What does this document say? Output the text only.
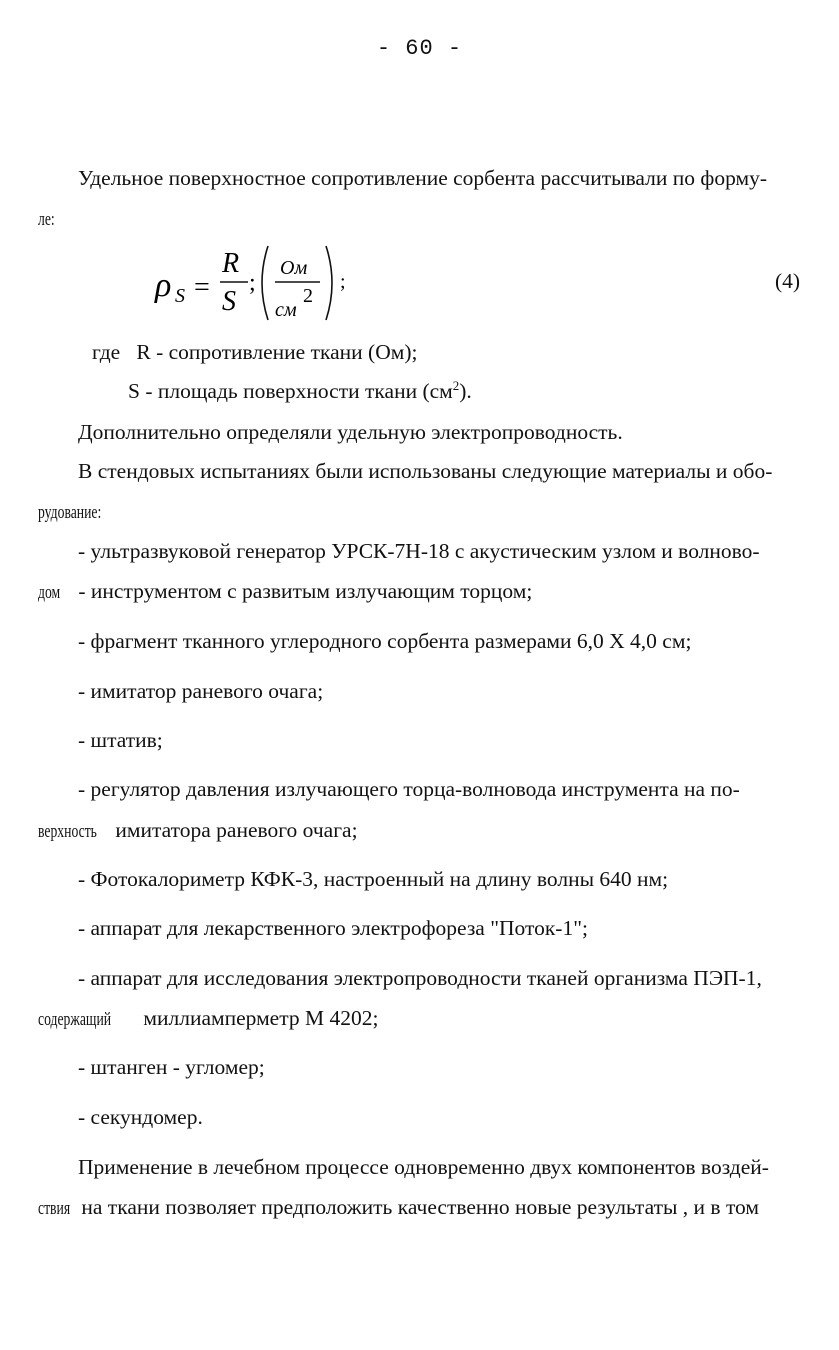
- 60 -
Удельное поверхностное сопротивление сорбента рассчитывали по форму-
ле:
ρ S =
R
S
;
Ом
см
2
;	(4)
где R - сопротивление ткани (Ом);
S - площадь поверхности ткани $(см^2)$.
Дополнительно определяли удельную электропроводность.
В стендовых испытаниях были использованы следующие материалы и обо-
рудование:
- ультразвуковой генератор УРСК-7Н-18 с акустическим узлом и волново-
дом - инструментом с развитым излучающим торцом;
- фрагмент тканного углеродного сорбента размерами 6,0 Х 4,0 см;
- имитатор раневого очага;
- штатив;
- регулятор давления излучающего торца-волновода инструмента на по-
верхность имитатора раневого очага;
- Фотокалориметр КФК-3, настроенный на длину волны 640 нм;
- аппарат для лекарственного электрофореза "Поток-1";
- аппарат для исследования электропроводности тканей организма ПЭП-1,
содержащий миллиамперметр М 4202;
- штанген - угломер;
- секундомер.
Применение в лечебном процессе одновременно двух компонентов воздей-
ствия на ткани позволяет предположить качественно новые результаты , и в том
